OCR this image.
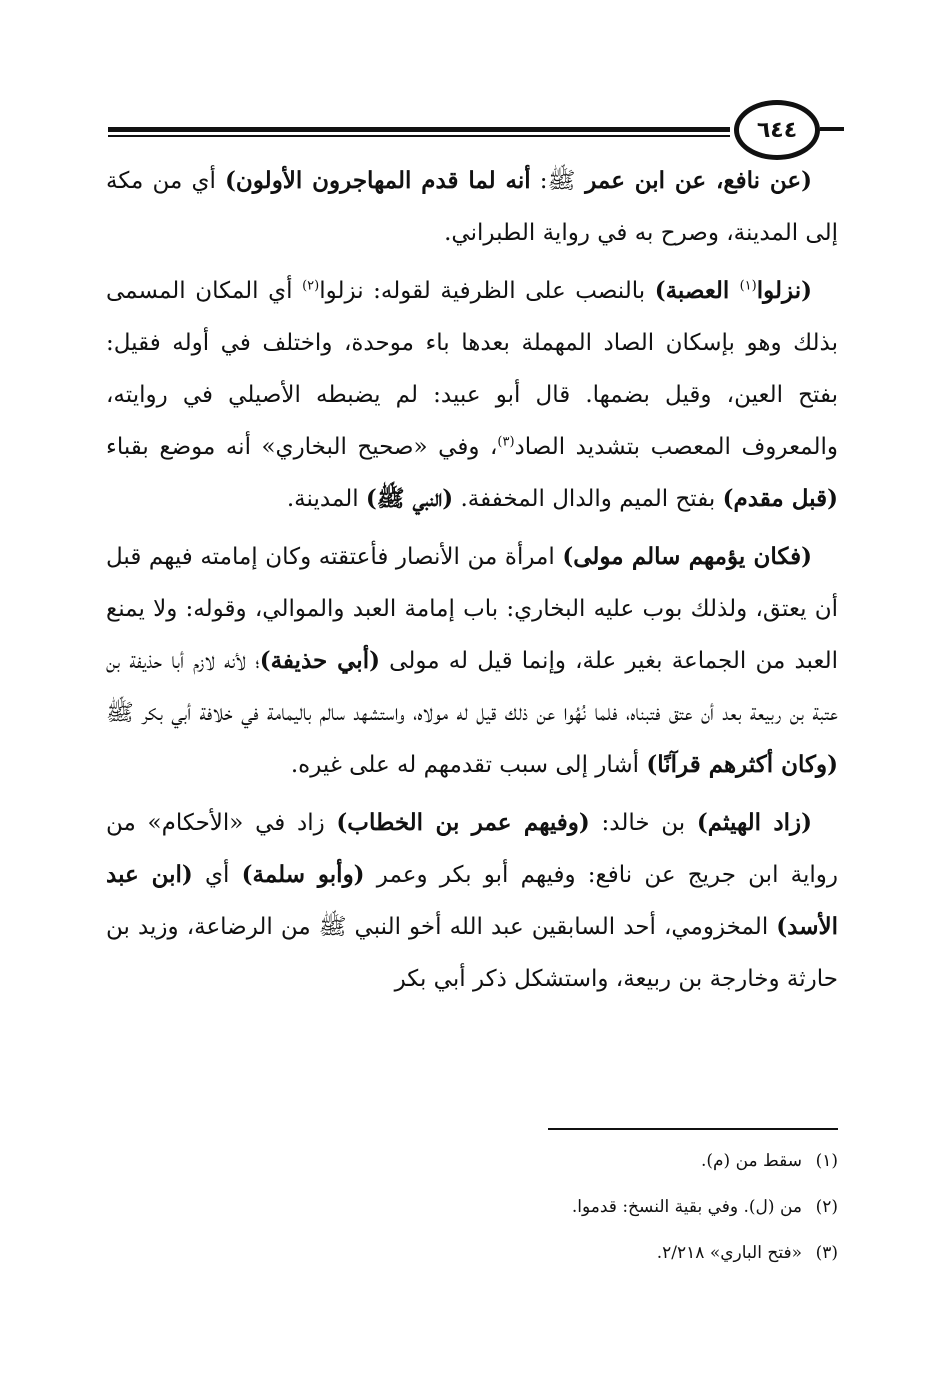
٦٤٤

(عن نافع، عن ابن عمر ﷺ: أنه لما قدم المهاجرون الأولون) أي من مكة إلى المدينة، وصرح به في رواية الطبراني.

(نزلوا$^{(١)}$ العصبة) بالنصب على الظرفية لقوله: نزلوا$^{(٢)}$ أي المكان المسمى بذلك وهو بإسكان الصاد المهملة بعدها باء موحدة، واختلف في أوله فقيل: بفتح العين، وقيل بضمها. قال أبو عبيد: لم يضبطه الأصيلي في روايته، والمعروف المعصب بتشديد الصاد$^{(٣)}$، وفي «صحيح البخاري» أنه موضع بقباء (قبل مقدم) بفتح الميم والدال المخففة. (النبي ﷺ) المدينة.

(فكان يؤمهم سالم مولى) امرأة من الأنصار فأعتقته وكان إمامته فيهم قبل أن يعتق، ولذلك بوب عليه البخاري: باب إمامة العبد والموالي، وقوله: ولا يمنع العبد من الجماعة بغير علة، وإنما قيل له مولى (أبي حذيفة)؛ لأنه لازم أبا حذيفة بن عتبة بن ربيعة بعد أن عتق فتبناه، فلما نُهُوا عن ذلك قيل له مولاه، واستشهد سالم باليمامة في خلافة أبي بكر ﷺ (وكان أكثرهم قرآنًا) أشار إلى سبب تقدمهم له على غيره.

(زاد الهيثم) بن خالد: (وفيهم عمر بن الخطاب) زاد في «الأحكام» من رواية ابن جريج عن نافع: وفيهم أبو بكر وعمر (وأبو سلمة) أي (ابن عبد الأسد) المخزومي، أحد السابقين عبد الله أخو النبي ﷺ من الرضاعة، وزيد بن حارثة وخارجة بن ربيعة، واستشكل ذكر أبي بكر

(١)سقط من (م).

(٢)من (ل). وفي بقية النسخ: قدموا.

(٣)«فتح الباري» ٢/٢١٨.
